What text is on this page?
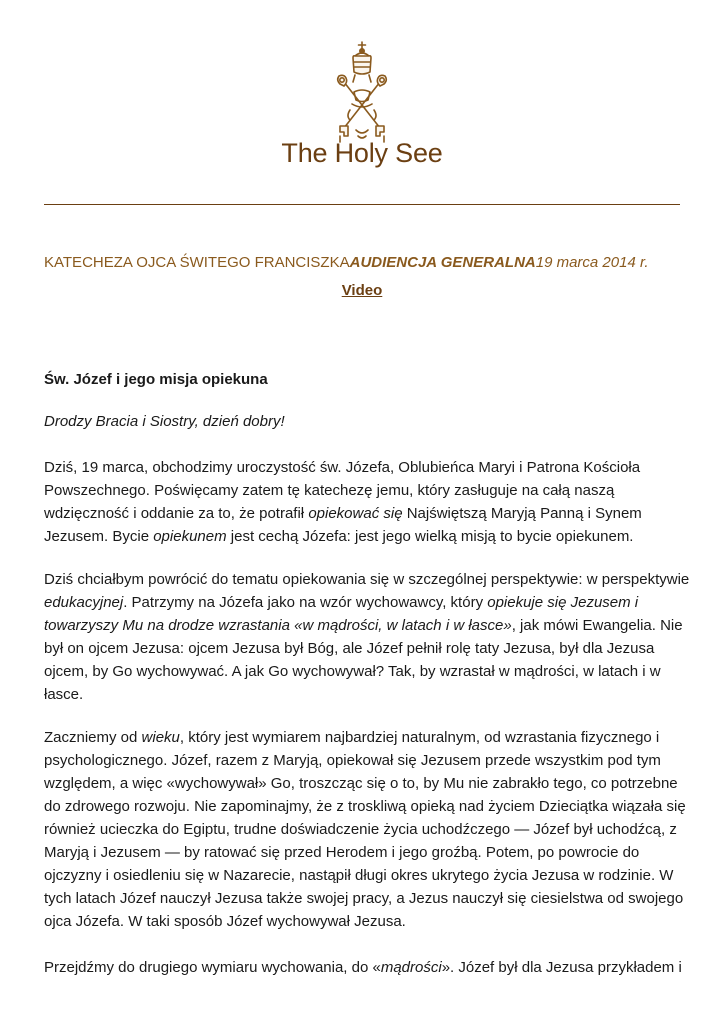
The Holy See
KATECHEZA OJCA ŚWITEGO FRANCISZKAAUDIENCJA GENERALNA19 marca 2014 r.
Video

Św. Józef i jego misja opiekuna

Drodzy Bracia i Siostry, dzień dobry!

Dziś, 19 marca, obchodzimy uroczystość św. Józefa, Oblubieńca Maryi i Patrona Kościoła
Powszechnego. Poświęcamy zatem tę katechezę jemu, który zasługuje na całą naszą
wdzięczność i oddanie za to, że potrafił opiekować się Najświętszą Maryją Panną i Synem
Jezusem. Bycie opiekunem jest cechą Józefa: jest jego wielką misją to bycie opiekunem.

Dziś chciałbym powrócić do tematu opiekowania się w szczególnej perspektywie: w perspektywie
edukacyjnej. Patrzymy na Józefa jako na wzór wychowawcy, który opiekuje się Jezusem i
towarzyszy Mu na drodze wzrastania «w mądrości, w latach i w łasce», jak mówi Ewangelia. Nie
był on ojcem Jezusa: ojcem Jezusa był Bóg, ale Józef pełnił rolę taty Jezusa, był dla Jezusa
ojcem, by Go wychowywać. A jak Go wychowywał? Tak, by wzrastał w mądrości, w latach i w
łasce.

Zaczniemy od wieku, który jest wymiarem najbardziej naturalnym, od wzrastania fizycznego i
psychologicznego. Józef, razem z Maryją, opiekował się Jezusem przede wszystkim pod tym
względem, a więc «wychowywał» Go, troszcząc się o to, by Mu nie zabrakło tego, co potrzebne
do zdrowego rozwoju. Nie zapominajmy, że z troskliwą opieką nad życiem Dzieciątka wiązała się
również ucieczka do Egiptu, trudne doświadczenie życia uchodźczego — Józef był uchodźcą, z
Maryją i Jezusem — by ratować się przed Herodem i jego groźbą. Potem, po powrocie do
ojczyzny i osiedleniu się w Nazarecie, nastąpił długi okres ukrytego życia Jezusa w rodzinie. W
tych latach Józef nauczył Jezusa także swojej pracy, a Jezus nauczył się ciesielstwa od swojego
ojca Józefa. W taki sposób Józef wychowywał Jezusa.

Przejdźmy do drugiego wymiaru wychowania, do «mądrości». Józef był dla Jezusa przykładem i
